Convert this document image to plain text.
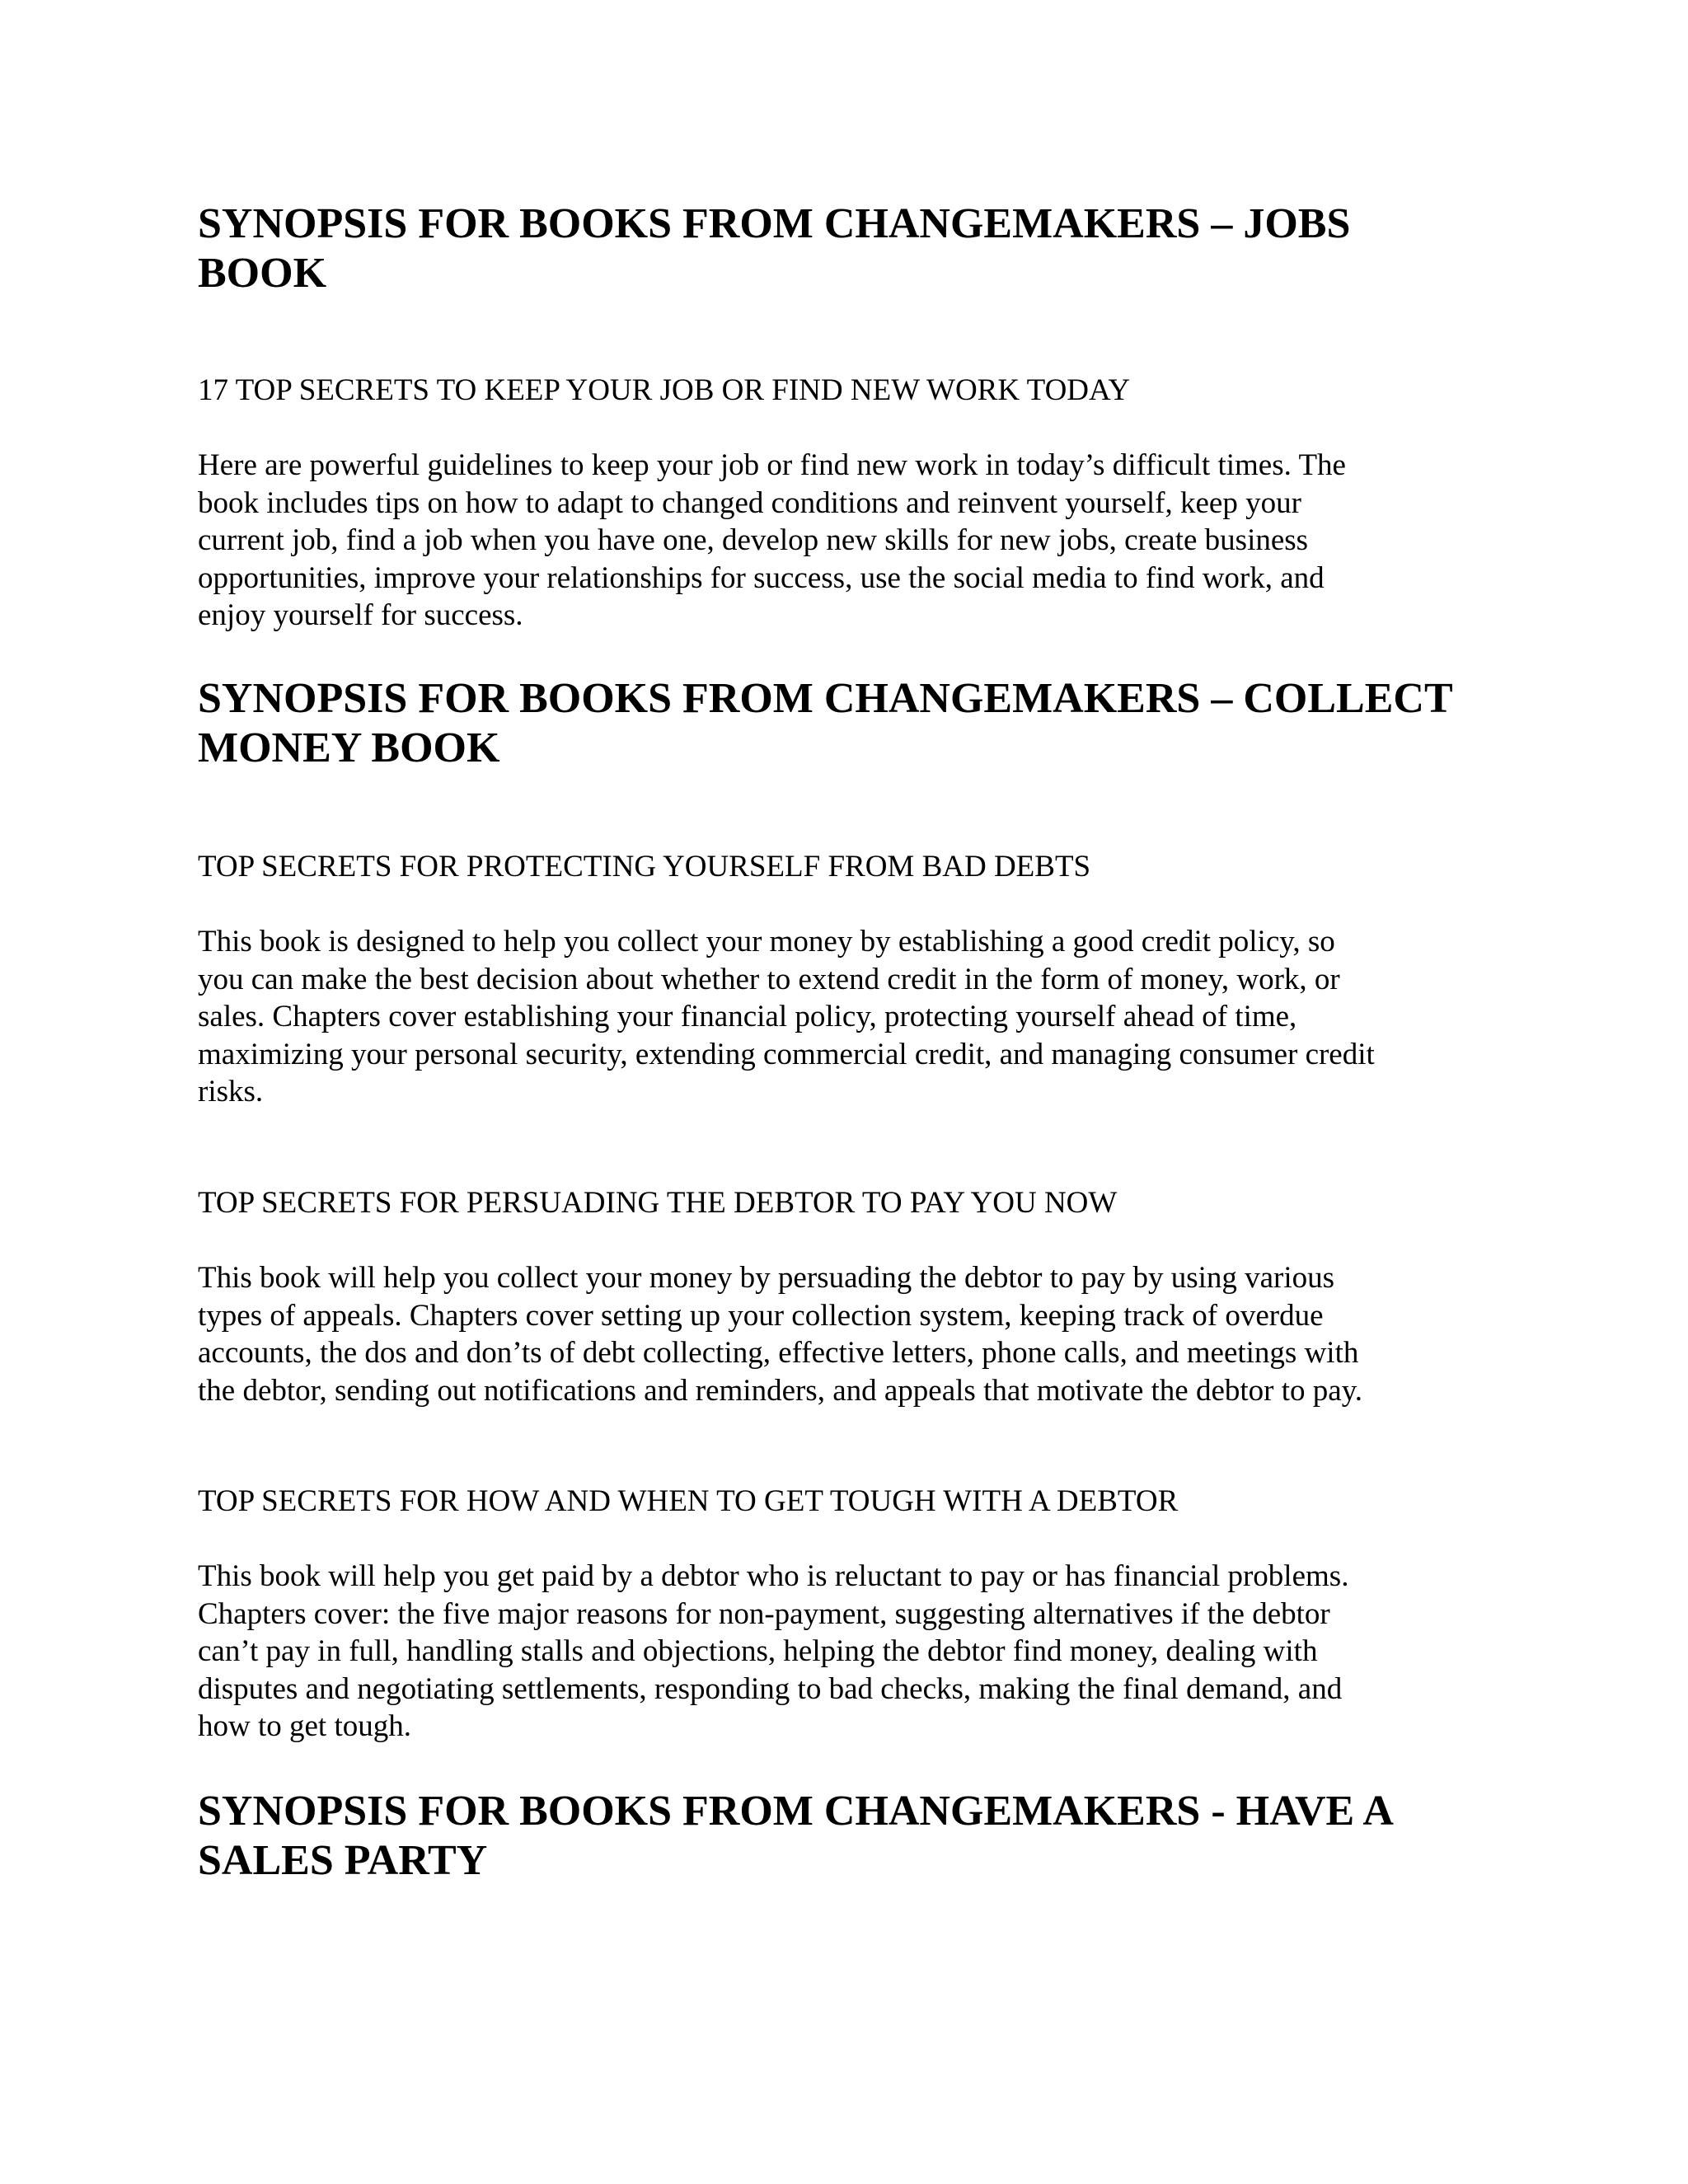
SYNOPSIS FOR BOOKS FROM CHANGEMAKERS – JOBS BOOK
17 TOP SECRETS TO KEEP YOUR JOB OR FIND NEW WORK TODAY

Here are powerful guidelines to keep your job or find new work in today’s difficult times. The
book includes tips on how to adapt to changed conditions and reinvent yourself, keep your
current job, find a job when you have one, develop new skills for new jobs, create business
opportunities, improve your relationships for success, use the social media to find work, and
enjoy yourself for success.

SYNOPSIS FOR BOOKS FROM CHANGEMAKERS – COLLECT MONEY BOOK
TOP SECRETS FOR PROTECTING YOURSELF FROM BAD DEBTS

This book is designed to help you collect your money by establishing a good credit policy, so
you can make the best decision about whether to extend credit in the form of money, work, or
sales. Chapters cover establishing your financial policy, protecting yourself ahead of time,
maximizing your personal security, extending commercial credit, and managing consumer credit
risks.

TOP SECRETS FOR PERSUADING THE DEBTOR TO PAY YOU NOW

This book will help you collect your money by persuading the debtor to pay by using various
types of appeals. Chapters cover setting up your collection system, keeping track of overdue
accounts, the dos and don’ts of debt collecting, effective letters, phone calls, and meetings with
the debtor, sending out notifications and reminders, and appeals that motivate the debtor to pay.

TOP SECRETS FOR HOW AND WHEN TO GET TOUGH WITH A DEBTOR

This book will help you get paid by a debtor who is reluctant to pay or has financial problems.
Chapters cover: the five major reasons for non-payment, suggesting alternatives if the debtor
can’t pay in full, handling stalls and objections, helping the debtor find money, dealing with
disputes and negotiating settlements, responding to bad checks, making the final demand, and
how to get tough.

SYNOPSIS FOR BOOKS FROM CHANGEMAKERS - HAVE A SALES PARTY
